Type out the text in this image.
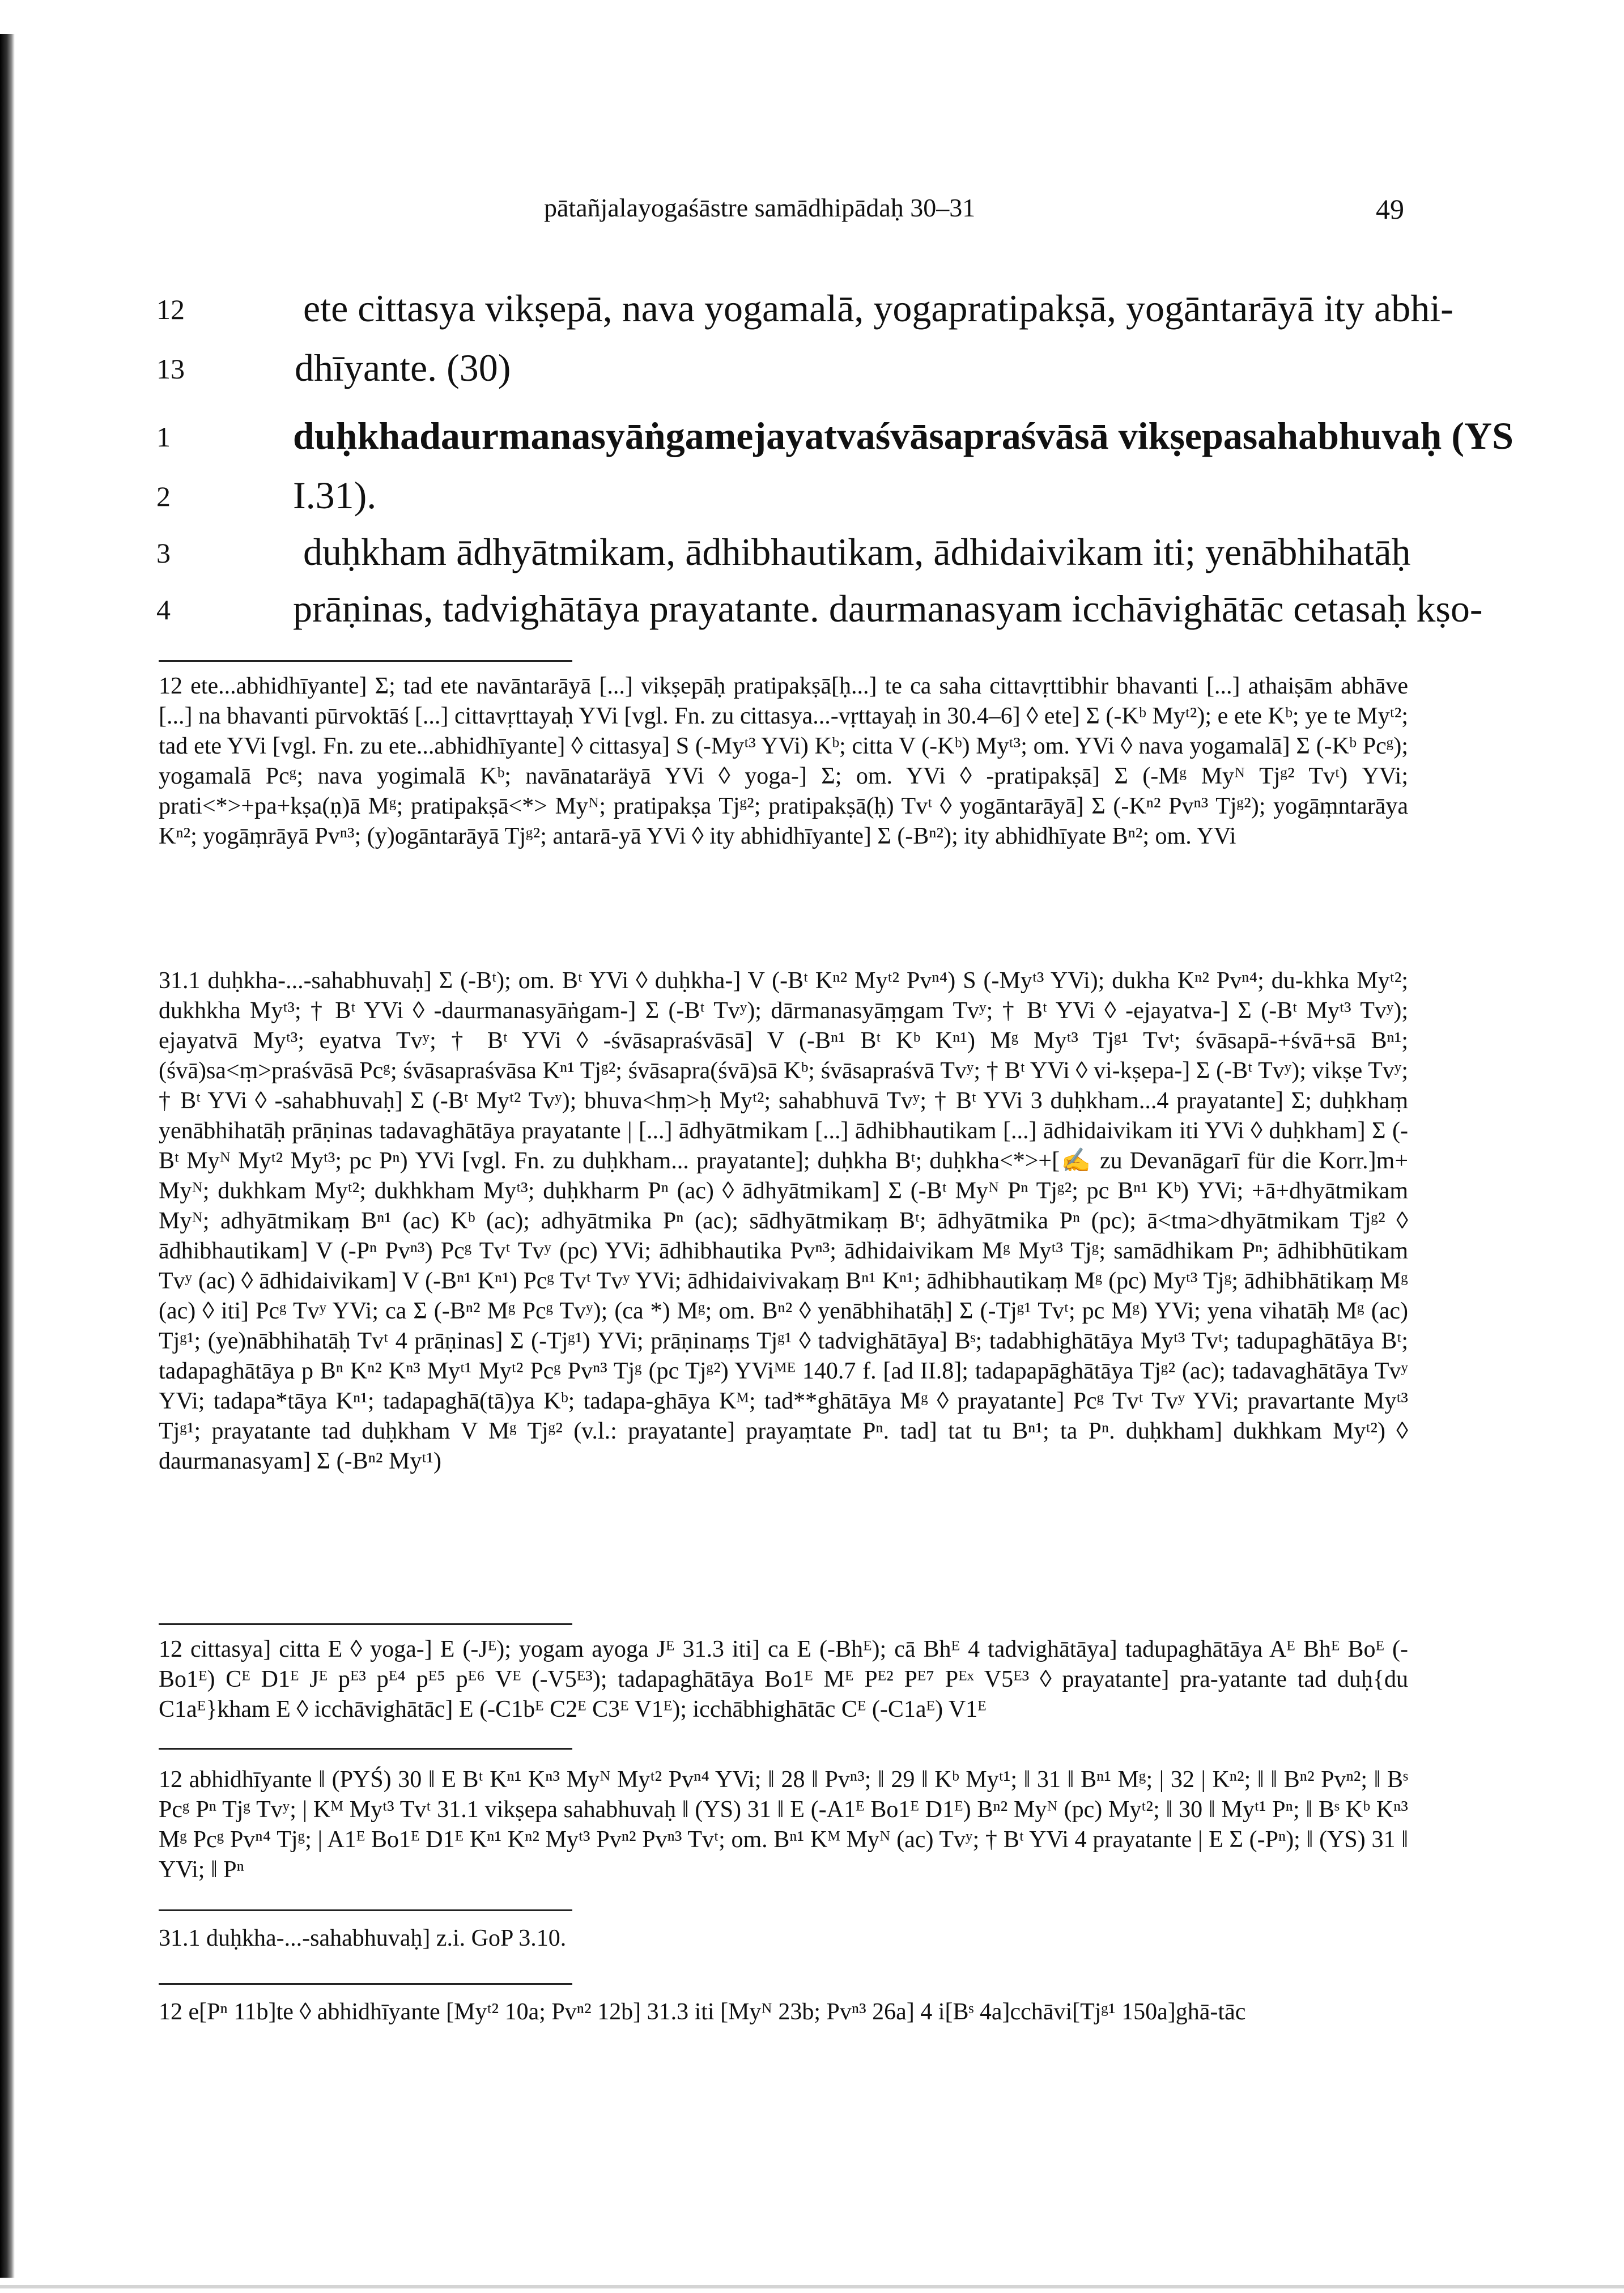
pātañjalayogaśāstre samādhipādaḥ 30–31	49
12	ete cittasya vikṣepā, nava yogamalā, yogapratipakṣā, yogāntarāyā ity abhi-
13	dhīyante. (30)
1	duḥkhadaurmanasyāṅgamejayatvaśvāsapraśvāsā vikṣepasahabhuvaḥ (YS
2	I.31).
3	duḥkham ādhyātmikam, ādhibhautikam, ādhidaivikam iti; yenābhihatāḥ
4	prāṇinas, tadvighātāya prayatante. daurmanasyam icchāvighātāc cetasaḥ kṣo-

12 ete...abhidhīyante] Σ; tad ete navāntarāyā [...] vikṣepāḥ pratipakṣā[ḥ...] te ca saha cittavṛttibhir bhavanti [...] athaiṣām abhāve [...] na bhavanti pūrvoktāś [...] cittavṛttayaḥ YVi [vgl. Fn. zu cittasya...-vṛttayaḥ in 30.4–6] ◊ ete] Σ (-Kᵇ Myᵗ²); e ete Kᵇ; ye te Myᵗ²; tad ete YVi [vgl. Fn. zu ete...abhidhīyante] ◊ cittasya] S (-Myᵗ³ YVi) Kᵇ; citta V (-Kᵇ) Myᵗ³; om. YVi ◊ nava yogamalā] Σ (-Kᵇ Pcᵍ); yogamalā Pcᵍ; nava yogimalā Kᵇ; navānataräyā YVi ◊ yoga-] Σ; om. YVi ◊ -pratipakṣā] Σ (-Mᵍ Myᴺ Tjᵍ² Tvᵗ) YVi; prati<*>+pa+kṣa(ṇ)ā Mᵍ; pratipakṣā<*> Myᴺ; pratipakṣa Tjᵍ²; pratipakṣā(ḥ) Tvᵗ ◊ yogāntarāyā] Σ (-Kⁿ² Pvⁿ³ Tjᵍ²); yogāṃntarāya Kⁿ²; yogāṃrāyā Pvⁿ³; (y)ogāntarāyā Tjᵍ²; antarā-yā YVi ◊ ity abhidhīyante] Σ (-Bⁿ²); ity abhidhīyate Bⁿ²; om. YVi

31.1 duḥkha-...-sahabhuvaḥ] Σ (-Bᵗ); om. Bᵗ YVi ◊ duḥkha-] V (-Bᵗ Kⁿ² Myᵗ² Pvⁿ⁴) S (-Myᵗ³ YVi); dukha Kⁿ² Pvⁿ⁴; du-khka Myᵗ²; dukhkha Myᵗ³; † Bᵗ YVi ◊ -daurmanasyāṅgam-] Σ (-Bᵗ Tvʸ); dārmanasyāṃgam Tvʸ; † Bᵗ YVi ◊ -ejayatva-] Σ (-Bᵗ Myᵗ³ Tvʸ); ejayatvā Myᵗ³; eyatva Tvʸ; † Bᵗ YVi ◊ -śvāsapraśvāsā] V (-Bⁿ¹ Bᵗ Kᵇ Kⁿ¹) Mᵍ Myᵗ³ Tjᵍ¹ Tvᵗ; śvāsapā-+śvā+sā Bⁿ¹; (śvā)sa<ṃ>praśvāsā Pcᵍ; śvāsapraśvāsa Kⁿ¹ Tjᵍ²; śvāsapra(śvā)sā Kᵇ; śvāsapraśvā Tvʸ; † Bᵗ YVi ◊ vi-kṣepa-] Σ (-Bᵗ Tvʸ); vikṣe Tvʸ; † Bᵗ YVi ◊ -sahabhuvaḥ] Σ (-Bᵗ Myᵗ² Tvʸ); bhuva<hṃ>ḥ Myᵗ²; sahabhuvā Tvʸ; † Bᵗ YVi 3 duḥkham...4 prayatante] Σ; duḥkhaṃ yenābhihatāḥ prāṇinas tadavaghātāya prayatante | [...] ādhyātmikam [...] ādhibhautikam [...] ādhidaivikam iti YVi ◊ duḥkham] Σ (-Bᵗ Myᴺ Myᵗ² Myᵗ³; pc Pⁿ) YVi [vgl. Fn. zu duḥkham... prayatante]; duḥkha Bᵗ; duḥkha<*>+[✍ zu Devanāgarī für die Korr.]m+ Myᴺ; dukhkam Myᵗ²; dukhkham Myᵗ³; duḥkharm Pⁿ (ac) ◊ ādhyātmikam] Σ (-Bᵗ Myᴺ Pⁿ Tjᵍ²; pc Bⁿ¹ Kᵇ) YVi; +ā+dhyātmikam Myᴺ; adhyātmikaṃ Bⁿ¹ (ac) Kᵇ (ac); adhyātmika Pⁿ (ac); sādhyātmikaṃ Bᵗ; ādhyātmika Pⁿ (pc); ā<tma>dhyātmikam Tjᵍ² ◊ ādhibhautikam] V (-Pⁿ Pvⁿ³) Pcᵍ Tvᵗ Tvʸ (pc) YVi; ādhibhautika Pvⁿ³; ādhidaivikam Mᵍ Myᵗ³ Tjᵍ; samādhikam Pⁿ; ādhibhūtikam Tvʸ (ac) ◊ ādhidaivikam] V (-Bⁿ¹ Kⁿ¹) Pcᵍ Tvᵗ Tvʸ YVi; ādhidaivivakaṃ Bⁿ¹ Kⁿ¹; ādhibhautikaṃ Mᵍ (pc) Myᵗ³ Tjᵍ; ādhibhātikaṃ Mᵍ (ac) ◊ iti] Pcᵍ Tvʸ YVi; ca Σ (-Bⁿ² Mᵍ Pcᵍ Tvʸ); (ca *) Mᵍ; om. Bⁿ² ◊ yenābhihatāḥ] Σ (-Tjᵍ¹ Tvᵗ; pc Mᵍ) YVi; yena vihatāḥ Mᵍ (ac) Tjᵍ¹; (ye)nābhihatāḥ Tvᵗ 4 prāṇinas] Σ (-Tjᵍ¹) YVi; prāṇinaṃs Tjᵍ¹ ◊ tadvighātāya] Bˢ; tadabhighātāya Myᵗ³ Tvᵗ; tadupaghātāya Bᵗ; tadapaghātāya p Bⁿ Kⁿ² Kⁿ³ Myᵗ¹ Myᵗ² Pcᵍ Pvⁿ³ Tjᵍ (pc Tjᵍ²) YViᴹᴱ 140.7 f. [ad II.8]; tadapapāghātāya Tjᵍ² (ac); tadavaghātāya Tvʸ YVi; tadapa*tāya Kⁿ¹; tadapaghā(tā)ya Kᵇ; tadapa-ghāya Kᴹ; tad**ghātāya Mᵍ ◊ prayatante] Pcᵍ Tvᵗ Tvʸ YVi; pravartante Myᵗ³ Tjᵍ¹; prayatante tad duḥkham V Mᵍ Tjᵍ² (v.l.: prayatante] prayaṃtate Pⁿ. tad] tat tu Bⁿ¹; ta Pⁿ. duḥkham] dukhkam Myᵗ²) ◊ daurmanasyam] Σ (-Bⁿ² Myᵗ¹)

12 cittasya] citta E ◊ yoga-] E (-Jᴱ); yogam ayoga Jᴱ 31.3 iti] ca E (-Bhᴱ); cā Bhᴱ 4 tadvighātāya] tadupaghātāya Aᴱ Bhᴱ Boᴱ (-Bo1ᴱ) Cᴱ D1ᴱ Jᴱ pᴱ³ pᴱ⁴ pᴱ⁵ pᴱ⁶ Vᴱ (-V5ᴱ³); tadapaghātāya Bo1ᴱ Mᴱ Pᴱ² Pᴱ⁷ Pᴱˣ V5ᴱ³ ◊ prayatante] pra-yatante tad duḥ{du C1aᴱ}kham E ◊ icchāvighātāc] E (-C1bᴱ C2ᴱ C3ᴱ V1ᴱ); icchābhighātāc Cᴱ (-C1aᴱ) V1ᴱ

12 abhidhīyante ‖ (PYŚ) 30 ‖ E Bᵗ Kⁿ¹ Kⁿ³ Myᴺ Myᵗ² Pvⁿ⁴ YVi; ‖ 28 ‖ Pvⁿ³; ‖ 29 ‖ Kᵇ Myᵗ¹; ‖ 31 ‖ Bⁿ¹ Mᵍ; | 32 | Kⁿ²; ‖ ‖ Bⁿ² Pvⁿ²; ‖ Bˢ Pcᵍ Pⁿ Tjᵍ Tvʸ; | Kᴹ Myᵗ³ Tvᵗ 31.1 vikṣepa sahabhuvaḥ ‖ (YS) 31 ‖ E (-A1ᴱ Bo1ᴱ D1ᴱ) Bⁿ² Myᴺ (pc) Myᵗ²; ‖ 30 ‖ Myᵗ¹ Pⁿ; ‖ Bˢ Kᵇ Kⁿ³ Mᵍ Pcᵍ Pvⁿ⁴ Tjᵍ; | A1ᴱ Bo1ᴱ D1ᴱ Kⁿ¹ Kⁿ² Myᵗ³ Pvⁿ² Pvⁿ³ Tvᵗ; om. Bⁿ¹ Kᴹ Myᴺ (ac) Tvʸ; † Bᵗ YVi 4 prayatante | E Σ (-Pⁿ); ‖ (YS) 31 ‖ YVi; ‖ Pⁿ

31.1 duḥkha-...-sahabhuvaḥ] z.i. GoP 3.10.

12 e[Pⁿ 11b]te ◊ abhidhīyante [Myᵗ² 10a; Pvⁿ² 12b] 31.3 iti [Myᴺ 23b; Pvⁿ³ 26a] 4 i[Bˢ 4a]cchāvi[Tjᵍ¹ 150a]ghā-tāc
